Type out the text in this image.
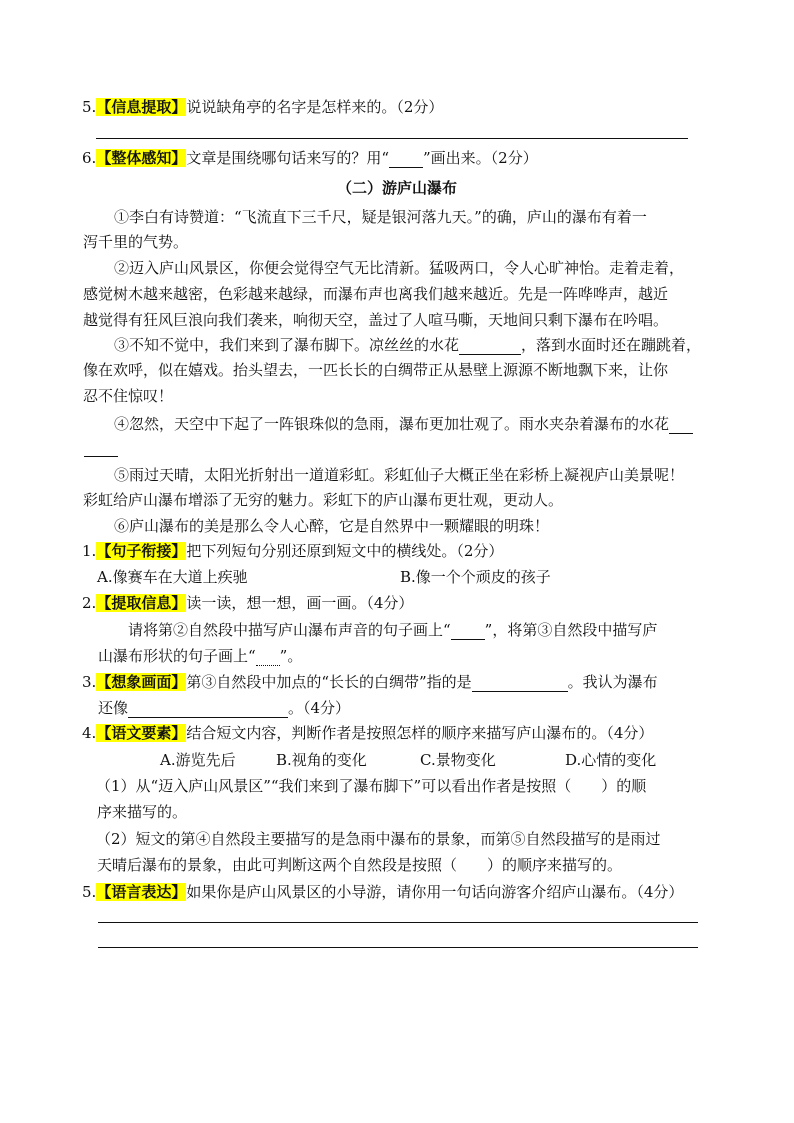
5.【信息提取】说说缺角亭的名字是怎样来的。（2分）
6.【整体感知】文章是围绕哪句话来写的？用“ ”画出来。（2分）
（二）游庐山瀑布
①李白有诗赞道：“飞流直下三千尺，疑是银河落九天。”的确，庐山的瀑布有着一
泻千里的气势。
②迈入庐山风景区，你便会觉得空气无比清新。猛吸两口，令人心旷神怡。走着走着，
感觉树木越来越密，色彩越来越绿，而瀑布声也离我们越来越近。先是一阵哗哗声，越近
越觉得有狂风巨浪向我们袭来，响彻天空，盖过了人喧马嘶，天地间只剩下瀑布在吟唱。
③不知不觉中，我们来到了瀑布脚下。凉丝丝的水花	，落到水面时还在蹦跳着，
像在欢呼，似在嬉戏。抬头望去，一匹长长的白绸带正从悬壁上源源不断地飘下来，让你
忍不住惊叹！
④忽然，天空中下起了一阵银珠似的急雨，瀑布更加壮观了。雨水夹杂着瀑布的水花
⑤雨过天晴，太阳光折射出一道道彩虹。彩虹仙子大概正坐在彩桥上凝视庐山美景呢！
彩虹给庐山瀑布增添了无穷的魅力。彩虹下的庐山瀑布更壮观，更动人。
⑥庐山瀑布的美是那么令人心醉，它是自然界中一颗耀眼的明珠！
1.【句子衔接】把下列短句分别还原到短文中的横线处。（2分）
A.像赛车在大道上疾驰	B.像一个个顽皮的孩子
2.【提取信息】读一读，想一想，画一画。（4分）
请将第②自然段中描写庐山瀑布声音的句子画上“ ”，将第③自然段中描写庐
山瀑布形状的句子画上“ ”。
3.【想象画面】第③自然段中加点的“长长的白绸带”指的是	。我认为瀑布
还像	。（4分）
4.【语文要素】结合短文内容，判断作者是按照怎样的顺序来描写庐山瀑布的。（4分）
A.游览先后	B.视角的变化	C.景物变化	D.心情的变化
（1）从“迈入庐山风景区”“我们来到了瀑布脚下”可以看出作者是按照（　　）的顺
序来描写的。
（2）短文的第④自然段主要描写的是急雨中瀑布的景象，而第⑤自然段描写的是雨过
天晴后瀑布的景象，由此可判断这两个自然段是按照（　　）的顺序来描写的。
5.【语言表达】如果你是庐山风景区的小导游，请你用一句话向游客介绍庐山瀑布。（4分）
